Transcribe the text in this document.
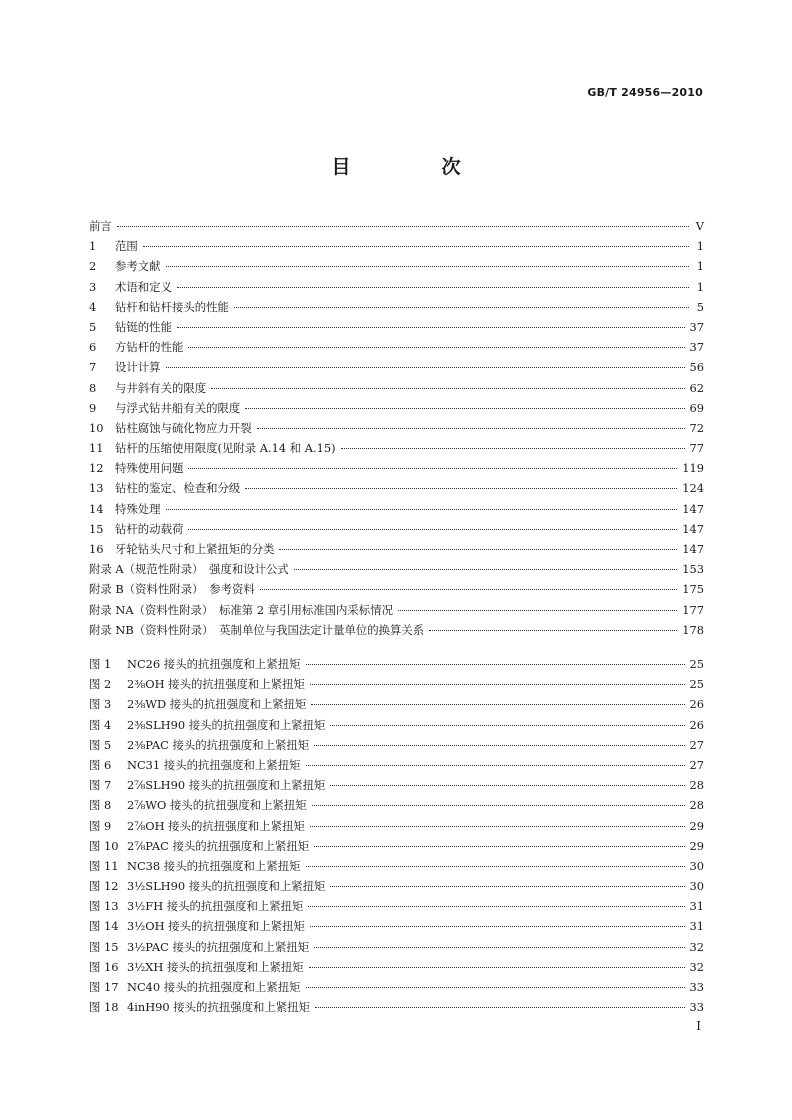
GB/T 24956—2010
目　次
前言	V
1	范围	1
2	参考文献	1
3	术语和定义	1
4	钻杆和钻杆接头的性能	5
5	钻铤的性能	37
6	方钻杆的性能	37
7	设计计算	56
8	与井斜有关的限度	62
9	与浮式钻井船有关的限度	69
10	钻柱腐蚀与硫化物应力开裂	72
11	钻杆的压缩使用限度(见附录 A.14 和 A.15)	77
12	特殊使用问题	119
13	钻柱的鉴定、检查和分级	124
14	特殊处理	147
15	钻杆的动载荷	147
16	牙轮钻头尺寸和上紧扭矩的分类	147
附录 A（规范性附录）　强度和设计公式	153
附录 B（资料性附录）　参考资料	175
附录 NA（资料性附录）　标准第 2 章引用标准国内采标情况	177
附录 NB（资料性附录）　英制单位与我国法定计量单位的换算关系	178
图 1	NC26 接头的抗扭强度和上紧扭矩	25
图 2	2⅜OH 接头的抗扭强度和上紧扭矩	25
图 3	2⅜WD 接头的抗扭强度和上紧扭矩	26
图 4	2⅜SLH90 接头的抗扭强度和上紧扭矩	26
图 5	2⅜PAC 接头的抗扭强度和上紧扭矩	27
图 6	NC31 接头的抗扭强度和上紧扭矩	27
图 7	2⅞SLH90 接头的抗扭强度和上紧扭矩	28
图 8	2⅞WO 接头的抗扭强度和上紧扭矩	28
图 9	2⅞OH 接头的抗扭强度和上紧扭矩	29
图 10 2⅞PAC 接头的抗扭强度和上紧扭矩	29
图 11 NC38 接头的抗扭强度和上紧扭矩	30
图 12 3½SLH90 接头的抗扭强度和上紧扭矩	30
图 13 3½FH 接头的抗扭强度和上紧扭矩	31
图 14 3½OH 接头的抗扭强度和上紧扭矩	31
图 15 3½PAC 接头的抗扭强度和上紧扭矩	32
图 16 3½XH 接头的抗扭强度和上紧扭矩	32
图 17 NC40 接头的抗扭强度和上紧扭矩	33
图 18 4inH90 接头的抗扭强度和上紧扭矩	33
I
